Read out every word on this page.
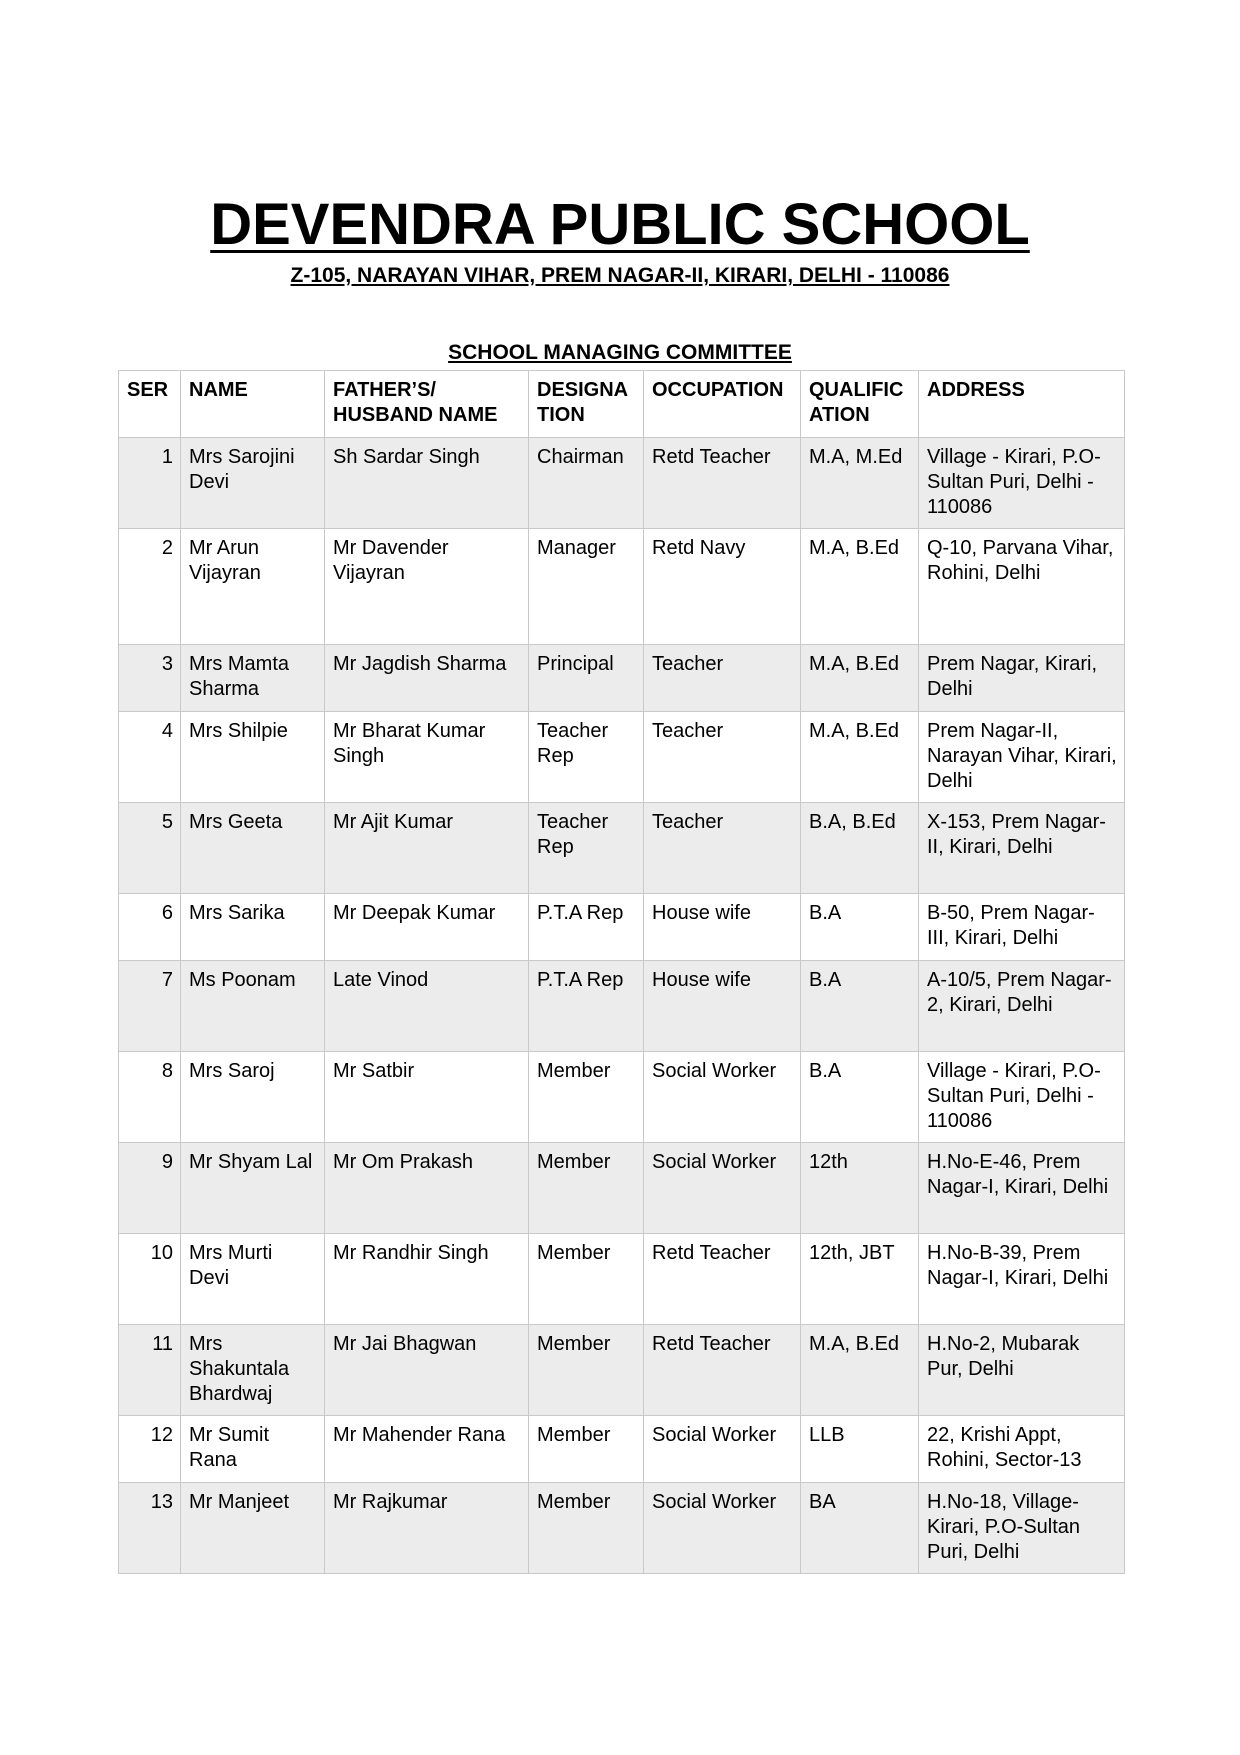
DEVENDRA PUBLIC SCHOOL
Z-105, NARAYAN VIHAR, PREM NAGAR-II, KIRARI, DELHI - 110086
SCHOOL MANAGING COMMITTEE
SER	NAME	FATHER’S/ HUSBAND NAME	DESIGNA TION	OCCUPATION	QUALIFIC ATION	ADDRESS
1	Mrs Sarojini Devi	Sh Sardar Singh	Chairman	Retd Teacher	M.A, M.Ed	Village - Kirari, P.O-Sultan Puri, Delhi - 110086
2	Mr Arun Vijayran	Mr Davender Vijayran	Manager	Retd Navy	M.A, B.Ed	Q-10, Parvana Vihar, Rohini, Delhi
3	Mrs Mamta Sharma	Mr Jagdish Sharma	Principal	Teacher	M.A, B.Ed	Prem Nagar, Kirari, Delhi
4	Mrs Shilpie	Mr Bharat Kumar Singh	Teacher Rep	Teacher	M.A, B.Ed	Prem Nagar-II, Narayan Vihar, Kirari, Delhi
5	Mrs Geeta	Mr Ajit Kumar	Teacher Rep	Teacher	B.A, B.Ed	X-153, Prem Nagar-II, Kirari, Delhi
6	Mrs Sarika	Mr Deepak Kumar	P.T.A Rep	House wife	B.A	B-50, Prem Nagar-III, Kirari, Delhi
7	Ms Poonam	Late Vinod	P.T.A Rep	House wife	B.A	A-10/5, Prem Nagar-2, Kirari, Delhi
8	Mrs Saroj	Mr Satbir	Member	Social Worker	B.A	Village - Kirari, P.O-Sultan Puri, Delhi - 110086
9	Mr Shyam Lal	Mr Om Prakash	Member	Social Worker	12th	H.No-E-46, Prem Nagar-I, Kirari, Delhi
10	Mrs Murti Devi	Mr Randhir Singh	Member	Retd Teacher	12th, JBT	H.No-B-39, Prem Nagar-I, Kirari, Delhi
11	Mrs Shakuntala Bhardwaj	Mr Jai Bhagwan	Member	Retd Teacher	M.A, B.Ed	H.No-2, Mubarak Pur, Delhi
12	Mr Sumit Rana	Mr Mahender Rana	Member	Social Worker	LLB	22, Krishi Appt, Rohini, Sector-13
13	Mr Manjeet	Mr Rajkumar	Member	Social Worker	BA	H.No-18, Village-Kirari, P.O-Sultan Puri, Delhi
